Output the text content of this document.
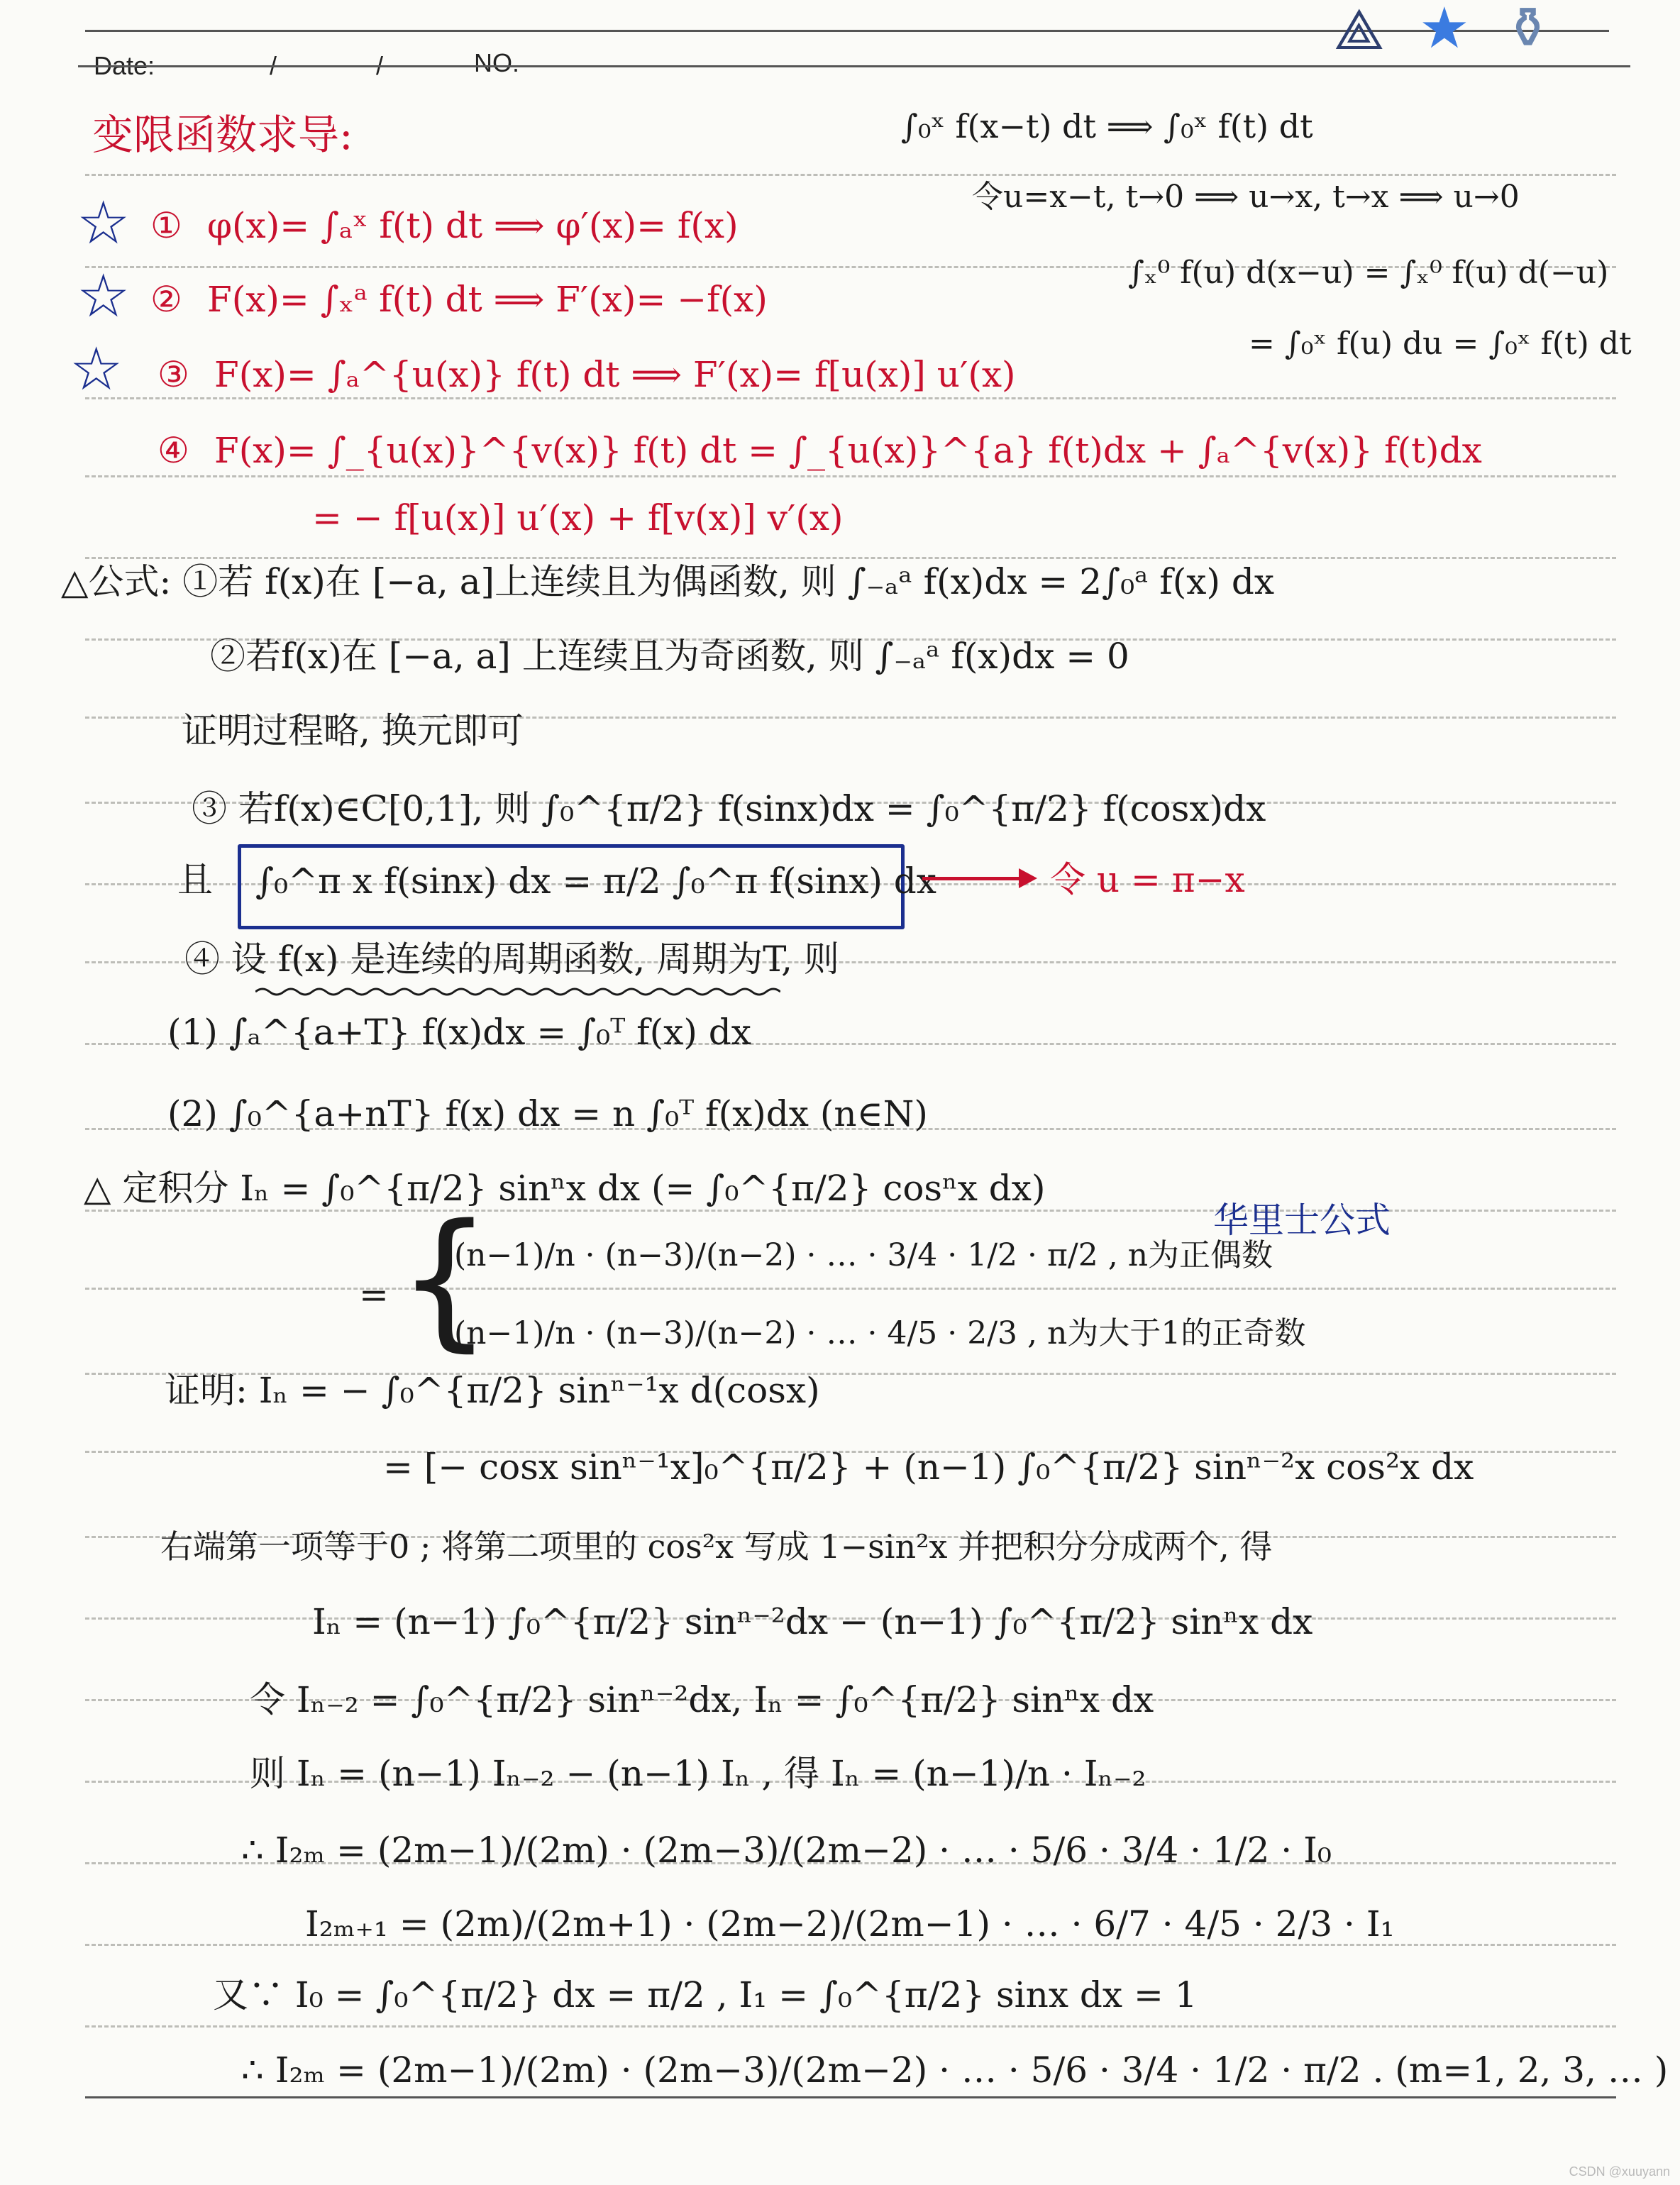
Date:	/	/	NO.
⟁ ★ ⚱
变限函数求导:
☆ ① φ(x)= ∫ₐˣ f(t) dt ⟹ φ′(x)= f(x)
☆ ② F(x)= ∫ₓᵃ f(t) dt ⟹ F′(x)= −f(x)
☆ ③ F(x)= ∫ₐ^{u(x)} f(t) dt ⟹ F′(x)= f[u(x)] u′(x)
④ F(x)= ∫_{u(x)}^{v(x)} f(t) dt = ∫_{u(x)}^{a} f(t)dx + ∫ₐ^{v(x)} f(t)dx
= − f[u(x)] u′(x) + f[v(x)] v′(x)
∫₀ˣ f(x−t) dt ⟹ ∫₀ˣ f(t) dt
令u=x−t, t→0 ⟹ u→x, t→x ⟹ u→0
∫ₓ⁰ f(u) d(x−u) = ∫ₓ⁰ f(u) d(−u)
= ∫₀ˣ f(u) du = ∫₀ˣ f(t) dt
△公式: ①若 f(x)在 [−a, a]上连续且为偶函数, 则 ∫₋ₐᵃ f(x)dx = 2∫₀ᵃ f(x) dx
②若f(x)在 [−a, a] 上连续且为奇函数, 则 ∫₋ₐᵃ f(x)dx = 0
证明过程略, 换元即可
③ 若f(x)∈C[0,1], 则 ∫₀^{π/2} f(sinx)dx = ∫₀^{π/2} f(cosx)dx
且 ∫₀^π x f(sinx) dx = π/2 ∫₀^π f(sinx) dx	令 u = π−x
④ 设 f(x) 是连续的周期函数, 周期为T, 则
(1) ∫ₐ^{a+T} f(x)dx = ∫₀ᵀ f(x) dx
(2) ∫₀^{a+nT} f(x) dx = n ∫₀ᵀ f(x)dx (n∈N)
△ 定积分 Iₙ = ∫₀^{π/2} sinⁿx dx (= ∫₀^{π/2} cosⁿx dx)
华里士公式
= {
(n−1)/n · (n−3)/(n−2) · … · 3/4 · 1/2 · π/2 , n为正偶数
(n−1)/n · (n−3)/(n−2) · … · 4/5 · 2/3 , n为大于1的正奇数
证明: Iₙ = − ∫₀^{π/2} sinⁿ⁻¹x d(cosx)
= [− cosx sinⁿ⁻¹x]₀^{π/2} + (n−1) ∫₀^{π/2} sinⁿ⁻²x cos²x dx
右端第一项等于0 ; 将第二项里的 cos²x 写成 1−sin²x 并把积分分成两个, 得
Iₙ = (n−1) ∫₀^{π/2} sinⁿ⁻²dx − (n−1) ∫₀^{π/2} sinⁿx dx
令 Iₙ₋₂ = ∫₀^{π/2} sinⁿ⁻²dx, Iₙ = ∫₀^{π/2} sinⁿx dx
则 Iₙ = (n−1) Iₙ₋₂ − (n−1) Iₙ , 得 Iₙ = (n−1)/n · Iₙ₋₂
∴ I₂ₘ = (2m−1)/(2m) · (2m−3)/(2m−2) · … · 5/6 · 3/4 · 1/2 · I₀
I₂ₘ₊₁ = (2m)/(2m+1) · (2m−2)/(2m−1) · … · 6/7 · 4/5 · 2/3 · I₁
又∵ I₀ = ∫₀^{π/2} dx = π/2 , I₁ = ∫₀^{π/2} sinx dx = 1
∴ I₂ₘ = (2m−1)/(2m) · (2m−3)/(2m−2) · … · 5/6 · 3/4 · 1/2 · π/2 . (m=1, 2, 3, … )
CSDN @xuuyann
